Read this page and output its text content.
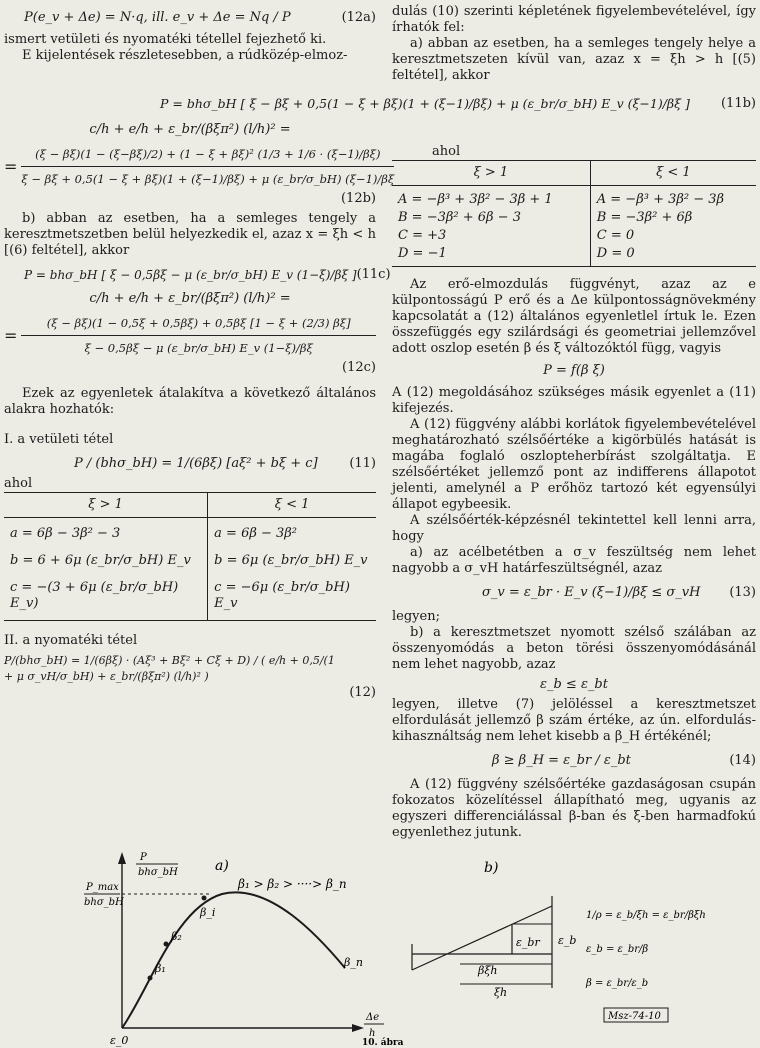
P(e_v + Δe) = N·q, ill. e_v + Δe = Nq / P	(12a)

ismert vetületi és nyomatéki tétellel fejezhető ki.

E kijelentések részletesebben, a rúdközép-elmoz-

c/h + e/h + ε_br/(βξπ²) (l/h)² =
=
(ξ − βξ)(1 − (ξ−βξ)/2) + (1 − ξ + βξ)² (1/3 + 1/6 · (ξ−1)/βξ)
ξ − βξ + 0,5(1 − ξ + βξ)(1 + (ξ−1)/βξ) + μ (ε_br/σ_bH) (ξ−1)/βξ
(12b)

b) abban az esetben, ha a semleges tengely a keresztmetszetben belül helyezkedik el, azaz x = ξh < h [(6) feltétel], akkor

P = bhσ_bH [ ξ − 0,5βξ − μ (ε_br/σ_bH) E_v (1−ξ)/βξ ] (11c)
c/h + e/h + ε_br/(βξπ²) (l/h)² =
= $\frac{(\xi - \beta\xi)(1 - 0,5\xi + 0,5\beta\xi) + 0,5\beta\xi [1 - \xi + (2/3) \beta\xi]}{\xi - 0,5\beta\xi - \mu (\varepsilon\_br/\sigma\_bH) E\_v (1-\xi)/\beta\xi}$
(12c)

Ezek az egyenletek átalakítva a következő általános alakra hozhatók:

I. a vetületi tétel
P / (bhσ_bH) = 1/(6βξ) [aξ² + bξ + c] (11)
ahol
ξ > 1	ξ < 1
a = 6β − 3β² − 3	a = 6β − 3β²
b = 6 + 6μ (ε_br/σ_bH) E_v	b = 6μ (ε_br/σ_bH) E_v
c = −(3 + 6μ (ε_br/σ_bH) E_v)	c = −6μ (ε_br/σ_bH) E_v
II. a nyomatéki tétel
P/(bhσ_bH) = 1/(6βξ) · (Aξ³ + Bξ² + Cξ + D) / ( e/h + 0,5/(1 + μ σ_vH/σ_bH) + ε_br/(βξπ²) (l/h)² )
(12)
P = bhσ_bH [ ξ − βξ + 0,5(1 − ξ + βξ)(1 + (ξ−1)/βξ) + μ (ε_br/σ_bH) E_v (ξ−1)/βξ ] (11b)

dulás (10) szerinti képletének figyelembevételével, így írhatók fel:

a) abban az esetben, ha a semleges tengely helye a keresztmetszeten kívül van, azaz x = ξh > h [(5) feltétel], akkor

ahol
ξ > 1	ξ < 1
A = −β³ + 3β² − 3β + 1	A = −β³ + 3β² − 3β
B = −3β² + 6β − 3	B = −3β² + 6β
C = +3	C = 0
D = −1	D = 0

Az erő-elmozdulás függvényt, azaz az e külpontosságú P erő és a Δe külpontosságnövekmény kapcsolatát a (12) általános egyenletlel írtuk le. Ezen összefüggés egy szilárdsági és geometriai jellemzővel adott oszlop esetén β és ξ változóktól függ, vagyis

P = f(β ξ)

A (12) megoldásához szükséges másik egyenlet a (11) kifejezés.

A (12) függvény alábbi korlátok figyelembevételével meghatározható szélsőértéke a kigörbülés hatását is magába foglaló oszlopteherbírást szolgáltatja. E szélsőértéket jellemző pont az indifferens állapotot jelenti, amelynél a P erőhöz tartozó két egyensúlyi állapot egybeesik.

A szélsőérték-képzésnél tekintettel kell lenni arra, hogy

a) az acélbetétben a σ_v feszültség nem lehet nagyobb a σ_vH határfeszültségnél, azaz

σ_v = ε_br · E_v (ξ−1)/βξ ≤ σ_vH (13)

legyen;

b) a keresztmetszet nyomott szélső szálában az összenyomódás a beton törési összenyomódásánál nem lehet nagyobb, azaz

ε_b ≤ ε_bt

legyen, illetve (7) jelöléssel a keresztmetszet elfordulását jellemző β szám értéke, az ún. elfordulás-kihasználtság nem lehet kisebb a β_H értékénél;

β ≥ β_H = ε_br / ε_bt	(14)

A (12) függvény szélsőértéke gazdaságosan csupán fokozatos közelítéssel állapítható meg, ugyanis az egyszeri differenciálással β-ban és ξ-ben harmadfokú egyenlethez jutunk.

P
bhσ_bH
P_max
bhσ_bH
a)
β₁ > β₂ > ····> β_n
β₁
β₂
β_i
β_n
ε_0
Δe
h
10. ábra
b)
ε_br ε_b
βξh
ξh
1/ρ = ε_b/ξh = ε_br/βξh
ε_b = ε_br/β
β = ε_br/ε_b
Msz-74-10
